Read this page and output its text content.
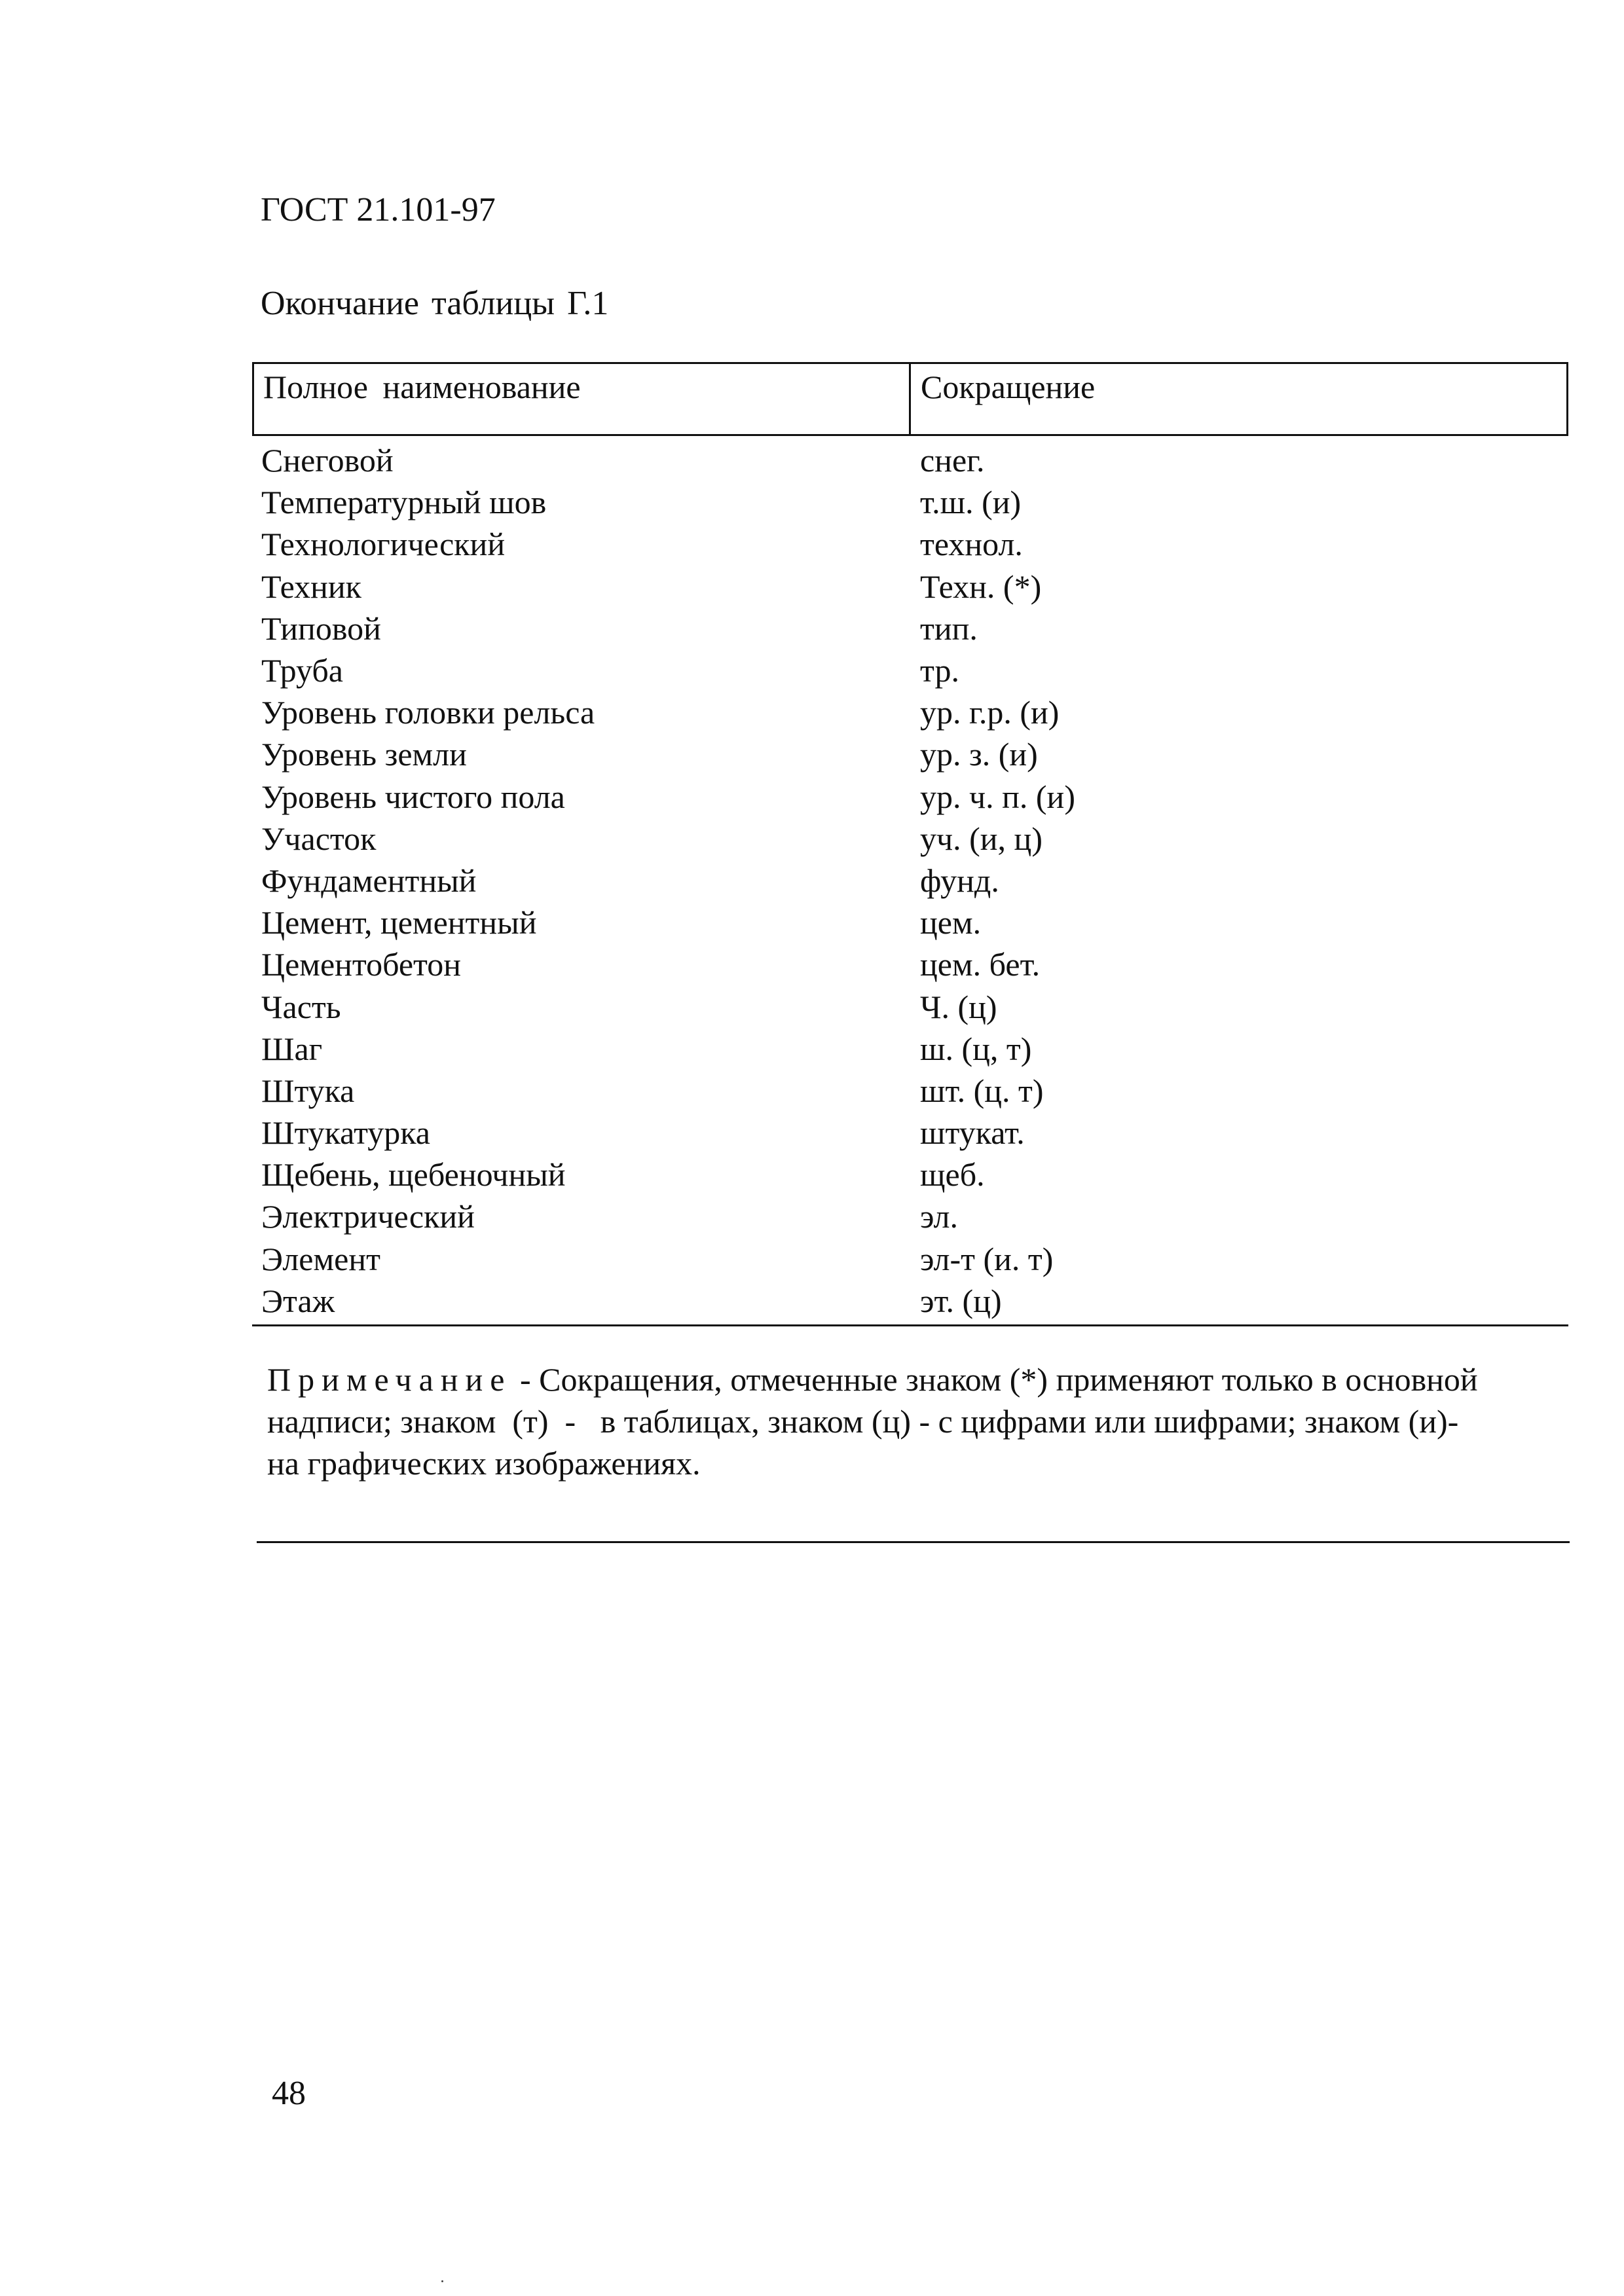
ГОСТ 21.101-97
Окончание таблицы Г.1
Полное наименование	Сокращение
Снеговой	снег.
Температурный шов	т.ш. (и)
Технологический	технол.
Техник	Техн. (*)
Типовой	тип.
Труба	тр.
Уровень головки рельса	ур. г.р. (и)
Уровень земли	ур. з. (и)
Уровень чистого пола	ур. ч. п. (и)
Участок	уч. (и, ц)
Фундаментный	фунд.
Цемент, цементный	цем.
Цементобетон	цем. бет.
Часть	Ч. (ц)
Шаг	ш. (ц, т)
Штука	шт. (ц. т)
Штукатурка	штукат.
Щебень, щебеночный	щеб.
Электрический	эл.
Элемент	эл-т (и. т)
Этаж	эт. (ц)
Примечание - Сокращения, отмеченные знаком (*) применяют только в основной
надписи; знаком  (т)  -   в таблицах, знаком (ц) - с цифрами или шифрами; знаком (и)-
на графических изображениях.
48
